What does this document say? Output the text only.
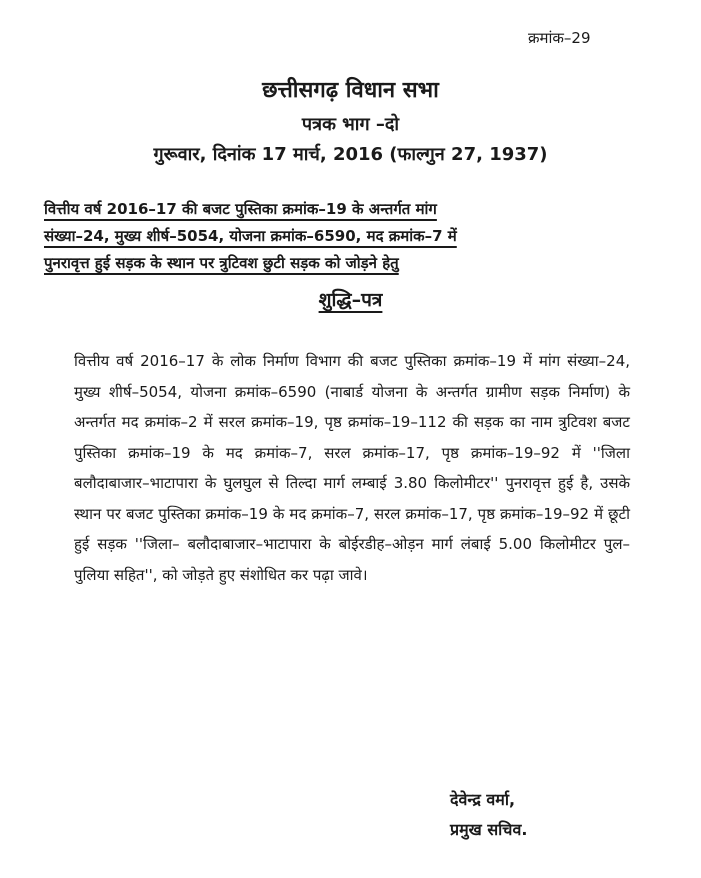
क्रमांक–29
छत्तीसगढ़ विधान सभा
पत्रक भाग –दो
गुरूवार, दिनांक 17 मार्च, 2016 (फाल्गुन 27, 1937)
वित्तीय वर्ष 2016–17 की बजट पुस्तिका क्रमांक–19 के अन्तर्गत मांग
संख्या–24, मुख्य शीर्ष–5054, योजना क्रमांक–6590, मद क्रमांक–7 में
पुनरावृत्त हुई सड़क के स्थान पर त्रुटिवश छुटी सड़क को जोड़ने हेतु
शुद्धि–पत्र
वित्तीय वर्ष 2016–17 के लोक निर्माण विभाग की बजट पुस्तिका क्रमांक–19 में मांग संख्या–24, मुख्य शीर्ष–5054, योजना क्रमांक–6590 (नाबार्ड योजना के अन्तर्गत ग्रामीण सड़क निर्माण) के अन्तर्गत मद क्रमांक–2 में सरल क्रमांक–19, पृष्ठ क्रमांक–19–112 की सड़क का नाम त्रुटिवश बजट पुस्तिका क्रमांक–19 के मद क्रमांक–7, सरल क्रमांक–17, पृष्ठ क्रमांक–19–92 में ''जिला बलौदाबाजार–भाटापारा के घुलघुल से तिल्दा मार्ग लम्बाई 3.80 किलोमीटर'' पुनरावृत्त हुई है, उसके स्थान पर बजट पुस्तिका क्रमांक–19 के मद क्रमांक–7, सरल क्रमांक–17, पृष्ठ क्रमांक–19–92 में छूटी हुई सड़क ''जिला– बलौदाबाजार–भाटापारा के बोईरडीह–ओड़न मार्ग लंबाई 5.00 किलोमीटर पुल–पुलिया सहित'', को जोड़ते हुए संशोधित कर पढ़ा जावे।
देवेन्द्र वर्मा,
प्रमुख सचिव.
